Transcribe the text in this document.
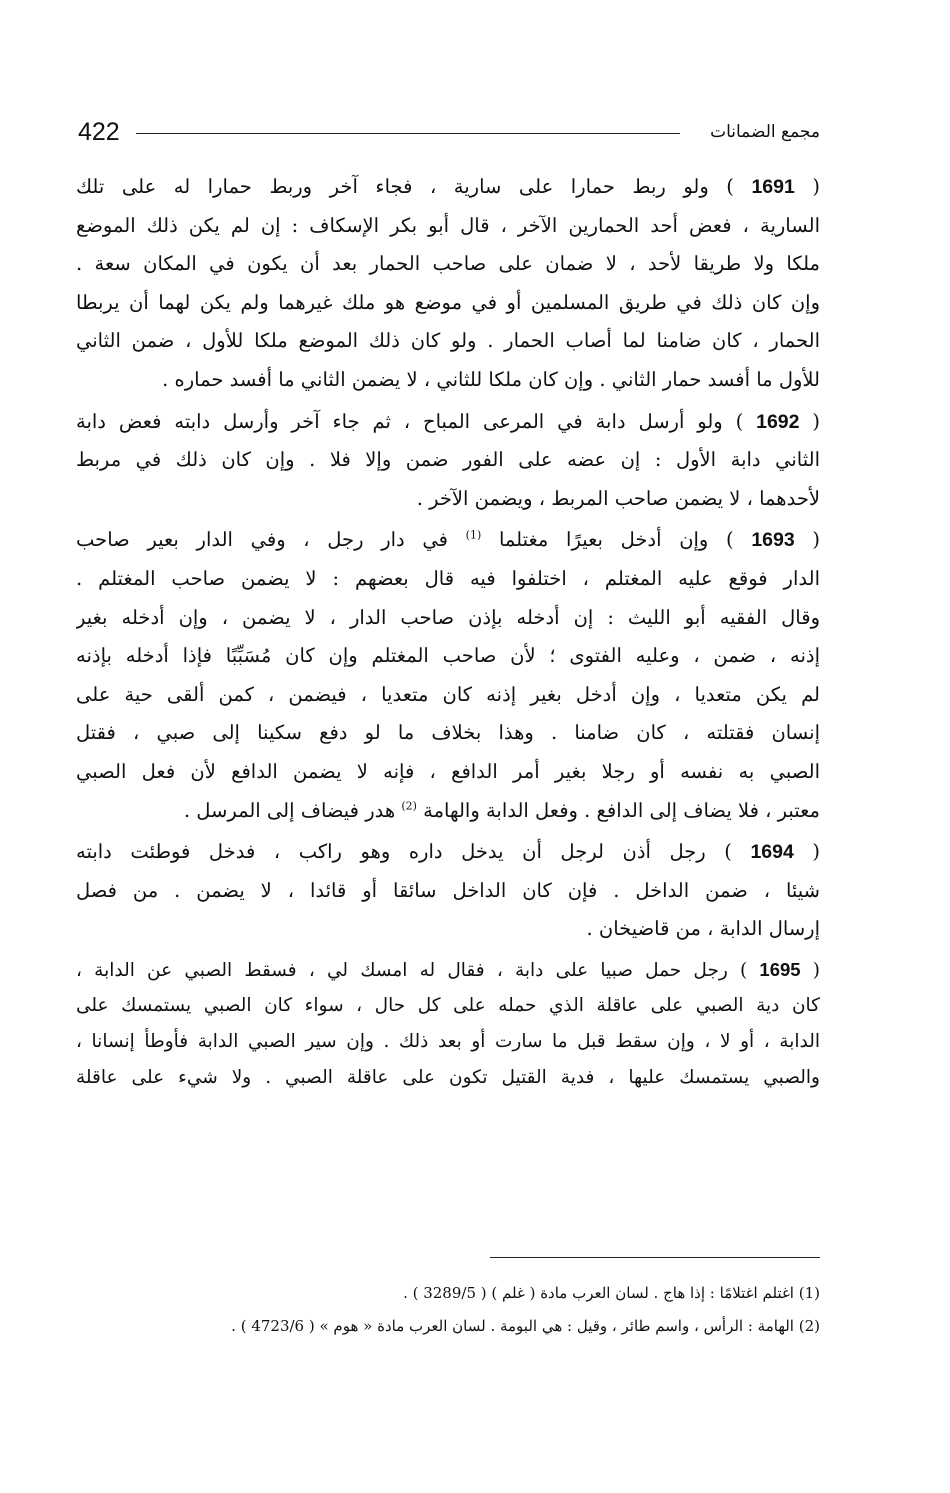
422	مجمع الضمانات
( 1691 ) ولو ربط حمارا على سارية ، فجاء آخر وربط حمارا له على تلك
السارية ، فعض أحد الحمارين الآخر ، قال أبو بكر الإسكاف : إن لم يكن ذلك الموضع
ملكا ولا طريقا لأحد ، لا ضمان على صاحب الحمار بعد أن يكون في المكان سعة .
وإن كان ذلك في طريق المسلمين أو في موضع هو ملك غيرهما ولم يكن لهما أن يربطا
الحمار ، كان ضامنا لما أصاب الحمار . ولو كان ذلك الموضع ملكا للأول ، ضمن الثاني
للأول ما أفسد حمار الثاني . وإن كان ملكا للثاني ، لا يضمن الثاني ما أفسد حماره .
( 1692 ) ولو أرسل دابة في المرعى المباح ، ثم جاء آخر وأرسل دابته فعض دابة
الثاني دابة الأول : إن عضه على الفور ضمن وإلا فلا . وإن كان ذلك في مربط
لأحدهما ، لا يضمن صاحب المربط ، ويضمن الآخر .
( 1693 ) وإن أدخل بعيرًا مغتلما $^{(1)}$ في دار رجل ، وفي الدار بعير صاحب
الدار فوقع عليه المغتلم ، اختلفوا فيه قال بعضهم : لا يضمن صاحب المغتلم .
وقال الفقيه أبو الليث : إن أدخله بإذن صاحب الدار ، لا يضمن ، وإن أدخله بغير
إذنه ، ضمن ، وعليه الفتوى ؛ لأن صاحب المغتلم وإن كان مُسَبِّبًا فإذا أدخله بإذنه
لم يكن متعديا ، وإن أدخل بغير إذنه كان متعديا ، فيضمن ، كمن ألقى حية على
إنسان فقتلته ، كان ضامنا . وهذا بخلاف ما لو دفع سكينا إلى صبي ، فقتل
الصبي به نفسه أو رجلا بغير أمر الدافع ، فإنه لا يضمن الدافع لأن فعل الصبي
معتبر ، فلا يضاف إلى الدافع . وفعل الدابة والهامة $^{(2)}$ هدر فيضاف إلى المرسل .
( 1694 ) رجل أذن لرجل أن يدخل داره وهو راكب ، فدخل فوطئت دابته
شيئا ، ضمن الداخل . فإن كان الداخل سائقا أو قائدا ، لا يضمن . من فصل
إرسال الدابة ، من قاضيخان .
( 1695 ) رجل حمل صبيا على دابة ، فقال له امسك لي ، فسقط الصبي عن الدابة ،
كان دية الصبي على عاقلة الذي حمله على كل حال ، سواء كان الصبي يستمسك على
الدابة ، أو لا ، وإن سقط قبل ما سارت أو بعد ذلك . وإن سير الصبي الدابة فأوطأ إنسانا ،
والصبي يستمسك عليها ، فدية القتيل تكون على عاقلة الصبي . ولا شيء على عاقلة
(1) اغتلم اغتلامًا : إذا هاج . لسان العرب مادة ( غلم ) ( 3289/5 ) .
(2) الهامة : الرأس ، واسم طائر ، وقيل : هي البومة . لسان العرب مادة « هوم » ( 4723/6 ) .
